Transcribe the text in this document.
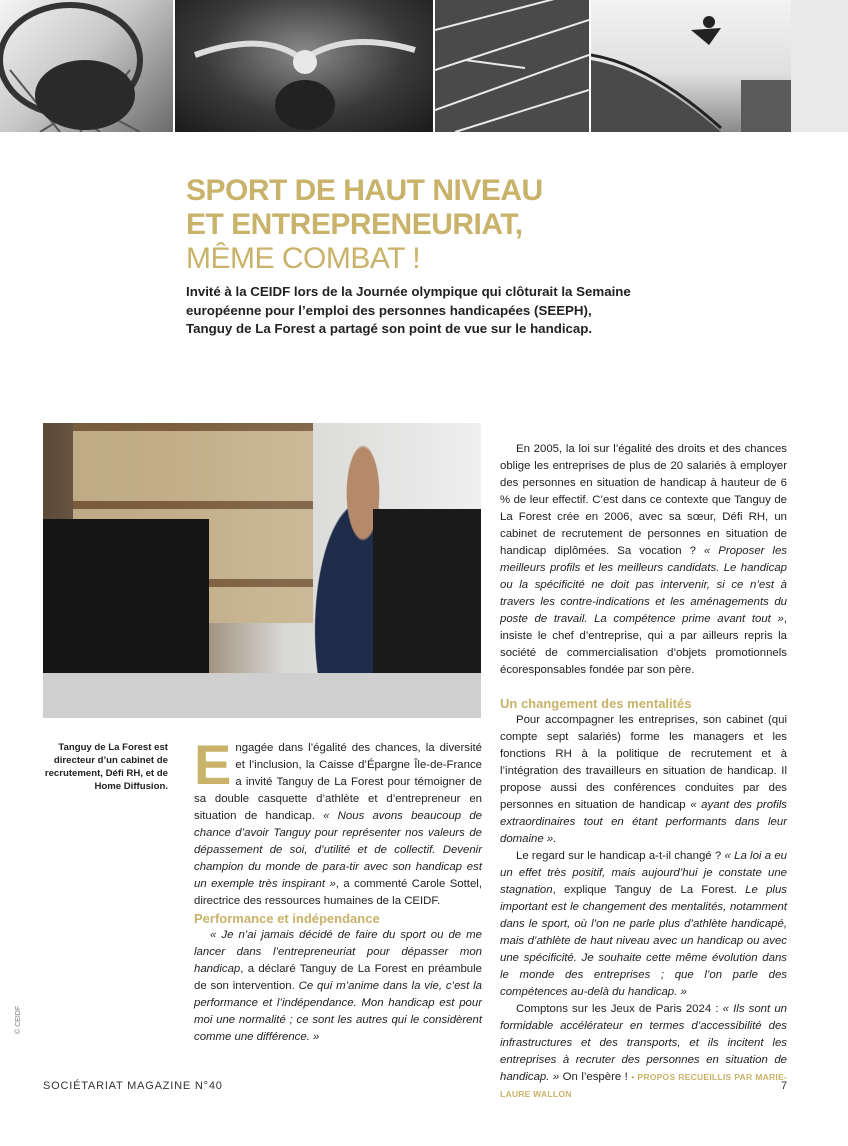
SPORT DE HAUT NIVEAU
ET ENTREPRENEURIAT,
MÊME COMBAT !

Invité à la CEIDF lors de la Journée olympique qui clôturait la Semaine européenne pour l’emploi des personnes handicapées (SEEPH), Tanguy de La Forest a partagé son point de vue sur le handicap.

Tanguy de La Forest est directeur d’un cabinet de recrutement, Défi RH, et de Home Diffusion. Engagée dans l’égalité des chances, la diversité et l’inclusion, la Caisse d’Épargne Île-de-France a invité Tanguy de La Forest pour témoigner de sa double casquette d’athlète et d’entrepreneur en situation de handicap. « Nous avons beaucoup de chance d’avoir Tanguy pour représenter nos valeurs de dépassement de soi, d’utilité et de collectif. Devenir champion du monde de para-tir avec son handicap est un exemple très inspirant », a commenté Carole Sottel, directrice des ressources humaines de la CEIDF.

Performance et indépendance

« Je n’ai jamais décidé de faire du sport ou de me lancer dans l’entrepreneuriat pour dépasser mon handicap, a déclaré Tanguy de La Forest en préambule de son intervention. Ce qui m’anime dans la vie, c’est la performance et l’indépendance. Mon handicap est pour moi une normalité ; ce sont les autres qui le considèrent comme une différence. »

En 2005, la loi sur l’égalité des droits et des chances oblige les entreprises de plus de 20 salariés à employer des personnes en situation de handicap à hauteur de 6 % de leur effectif. C’est dans ce contexte que Tanguy de La Forest crée en 2006, avec sa sœur, Défi RH, un cabinet de recrutement de personnes en situation de handicap diplômées. Sa vocation ? « Proposer les meilleurs profils et les meilleurs candidats. Le handicap ou la spécificité ne doit pas intervenir, si ce n’est à travers les contre-indications et les aménagements du poste de travail. La compétence prime avant tout », insiste le chef d’entreprise, qui a par ailleurs repris la société de commercialisation d’objets promotionnels écoresponsables fondée par son père.

Un changement des mentalités

Pour accompagner les entreprises, son cabinet (qui compte sept salariés) forme les managers et les fonctions RH à la politique de recrutement et à l’intégration des travailleurs en situation de handicap. Il propose aussi des conférences conduites par des personnes en situation de handicap « ayant des profils extraordinaires tout en étant performants dans leur domaine ».

Le regard sur le handicap a-t-il changé ? « La loi a eu un effet très positif, mais aujourd’hui je constate une stagnation, explique Tanguy de La Forest. Le plus important est le changement des mentalités, notamment dans le sport, où l’on ne parle plus d’athlète handicapé, mais d’athlète de haut niveau avec un handicap ou avec une spécificité. Je souhaite cette même évolution dans le monde des entreprises ; que l’on parle des compétences au-delà du handicap. »

Comptons sur les Jeux de Paris 2024 : « Ils sont un formidable accélérateur en termes d’accessibilité des infrastructures et des transports, et ils incitent les entreprises à recruter des personnes en situation de handicap. » On l’espère ! • PROPOS RECUEILLIS PAR MARIE-LAURE WALLON

© CEIDF
SOCIÉTARIAT MAGAZINE N°40	7
